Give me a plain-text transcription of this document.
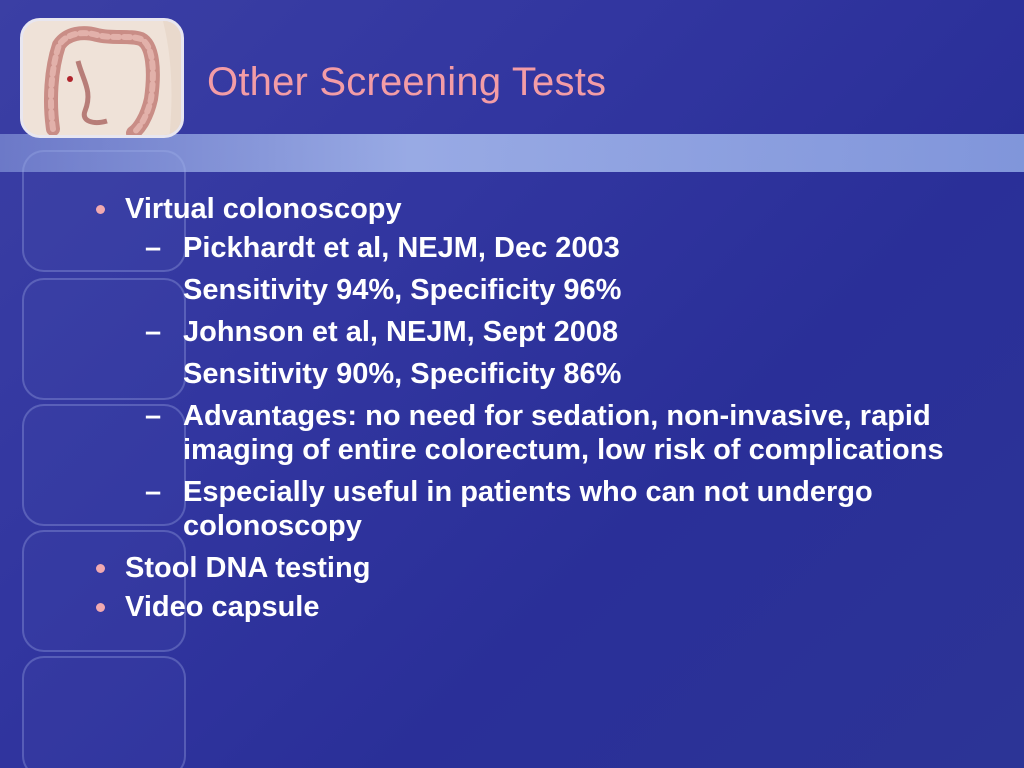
Other Screening Tests
Virtual colonoscopy
– Pickhardt et al, NEJM, Dec 2003
Sensitivity 94%, Specificity 96%
– Johnson et al, NEJM, Sept 2008
Sensitivity 90%, Specificity 86%
– Advantages: no need for sedation, non-invasive, rapid imaging of entire colorectum, low risk of complications
– Especially useful in patients who can not undergo colonoscopy
Stool DNA testing
Video capsule
